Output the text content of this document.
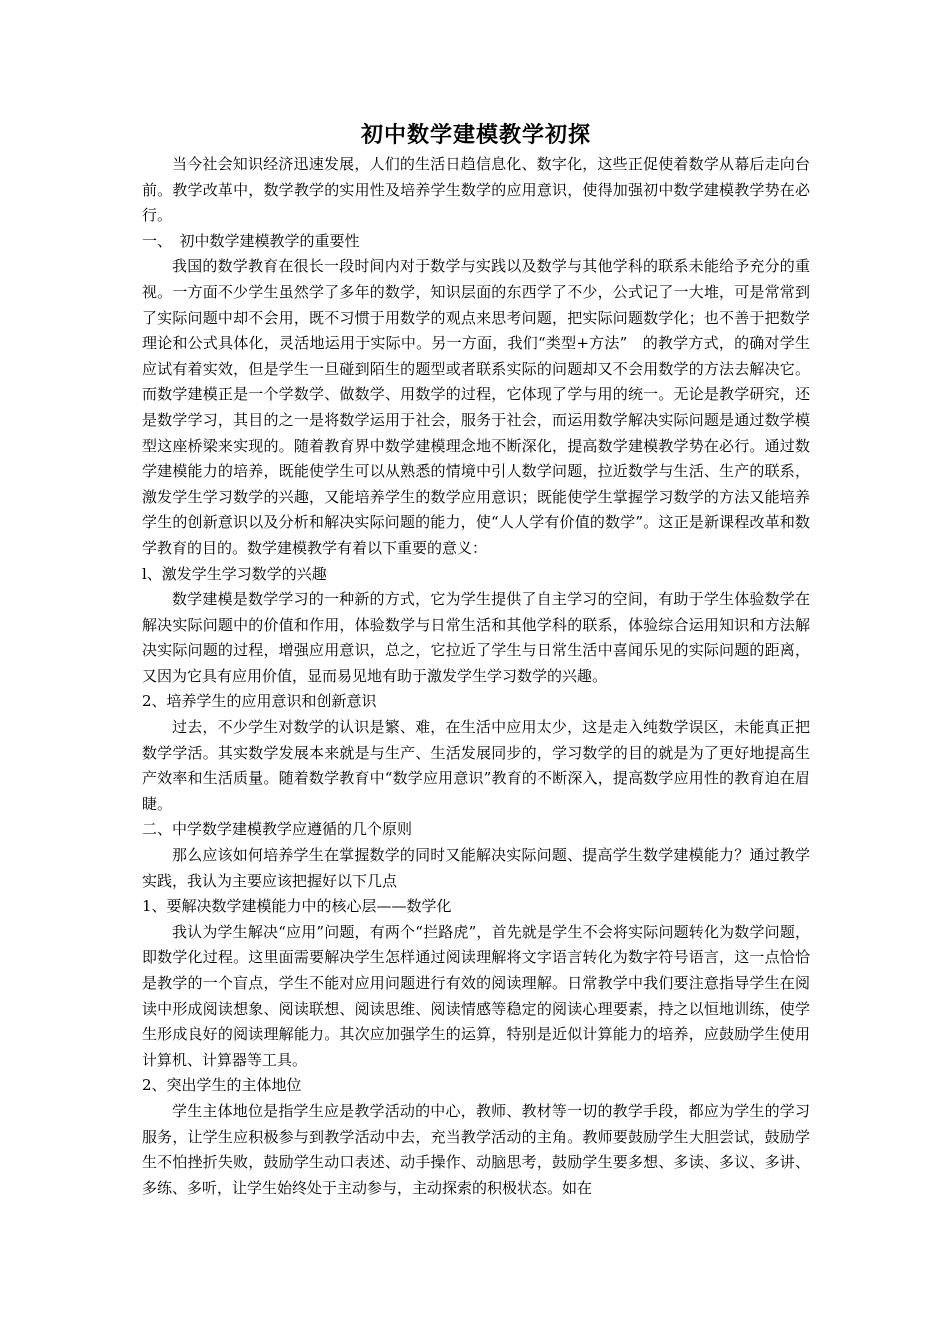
初中数学建模教学初探

当今社会知识经济迅速发展，人们的生活日趋信息化、数字化，这些正促使着数学从幕后走向台前。教学改革中，数学教学的实用性及培养学生数学的应用意识，使得加强初中数学建模教学势在必行。

一、　初中数学建模教学的重要性

我国的数学教育在很长一段时间内对于数学与实践以及数学与其他学科的联系未能给予充分的重视。一方面不少学生虽然学了多年的数学，知识层面的东西学了不少，公式记了一大堆，可是常常到了实际问题中却不会用，既不习惯于用数学的观点来思考问题，把实际问题数学化；也不善于把数学理论和公式具体化，灵活地运用于实际中。另一方面，我们“类型+方法”　的教学方式，的确对学生应试有着实效，但是学生一旦碰到陌生的题型或者联系实际的问题却又不会用数学的方法去解决它。而数学建模正是一个学数学、做数学、用数学的过程，它体现了学与用的统一。无论是教学研究，还是数学学习，其目的之一是将数学运用于社会，服务于社会，而运用数学解决实际问题是通过数学模型这座桥梁来实现的。随着教育界中数学建模理念地不断深化，提高数学建模教学势在必行。通过数学建模能力的培养，既能使学生可以从熟悉的情境中引人数学问题，拉近数学与生活、生产的联系，激发学生学习数学的兴趣，又能培养学生的数学应用意识；既能使学生掌握学习数学的方法又能培养学生的创新意识以及分析和解决实际问题的能力，使“人人学有价值的数学”。这正是新课程改革和数学教育的目的。数学建模教学有着以下重要的意义：

l、激发学生学习数学的兴趣

数学建模是数学学习的一种新的方式，它为学生提供了自主学习的空间，有助于学生体验数学在解决实际问题中的价值和作用，体验数学与日常生活和其他学科的联系，体验综合运用知识和方法解决实际问题的过程，增强应用意识，总之，它拉近了学生与日常生活中喜闻乐见的实际问题的距离，又因为它具有应用价值，显而易见地有助于激发学生学习数学的兴趣。

2、培养学生的应用意识和创新意识

过去，不少学生对数学的认识是繁、难，在生活中应用太少，这是走入纯数学误区，未能真正把数学学活。其实数学发展本来就是与生产、生活发展同步的，学习数学的目的就是为了更好地提高生产效率和生活质量。随着数学教育中“数学应用意识”教育的不断深入，提高数学应用性的教育迫在眉睫。

二、中学数学建模教学应遵循的几个原则

那么应该如何培养学生在掌握数学的同时又能解决实际问题、提高学生数学建模能力？通过教学实践，我认为主要应该把握好以下几点

1、要解决数学建模能力中的核心层——数学化

我认为学生解决“应用”问题，有两个“拦路虎”，首先就是学生不会将实际问题转化为数学问题，即数学化过程。这里面需要解决学生怎样通过阅读理解将文字语言转化为数字符号语言，这一点恰恰是教学的一个盲点，学生不能对应用问题进行有效的阅读理解。日常教学中我们要注意指导学生在阅读中形成阅读想象、阅读联想、阅读思维、阅读情感等稳定的阅读心理要素，持之以恒地训练，使学生形成良好的阅读理解能力。其次应加强学生的运算，特别是近似计算能力的培养，应鼓励学生使用计算机、计算器等工具。

2、突出学生的主体地位

学生主体地位是指学生应是教学活动的中心，教师、教材等一切的教学手段，都应为学生的学习服务，让学生应积极参与到教学活动中去，充当教学活动的主角。教师要鼓励学生大胆尝试，鼓励学生不怕挫折失败，鼓励学生动口表述、动手操作、动脑思考，鼓励学生要多想、多读、多议、多讲、多练、多听，让学生始终处于主动参与，主动探索的积极状态。如在
